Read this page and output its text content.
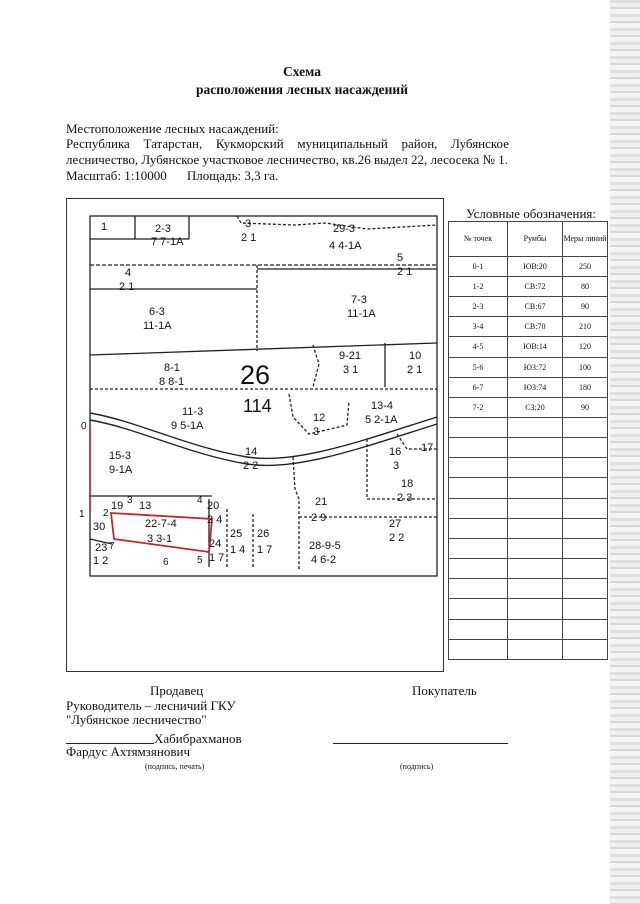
Схема
расположения лесных насаждений
Местоположение лесных насаждений:
Республика Татарстан, Кукморский муниципальный район, Лубянское лесничество, Лубянское участковое лесничество, кв.26 выдел 22, лесосека № 1.
Масштаб: 1:10000 Площадь: 3,3 га.
1	2-3
7 7-1А
3
2 1
29-3
4 4-1А
5
2 1
4
2 1
6-3
11-1А
7-3
11-1А
8-1
8 8-1
9-21
3 1
10
2 1
11-3
9 5-1А
12
3
13-4
5 2-1А
15-3
9-1А
14
2 2
16
3
17
18
2 3
19 13	20
2 4
21
2 9
22-7-4
3 3-1
23
1 2
24
1 7
25
1 4
26
1 7
27
2 2
28-9-5
4 6-2
30
26
114
0
1 2
3	4
5
6
7
Условные обозначения:
№ точек	Румбы	Меры линий
0-1	ЮВ:20	250
1-2	СВ:72	80
2-3	СВ:67	90
3-4	СВ:70	210
4-5	ЮВ:14	120
5-6	ЮЗ:72	100
6-7	ЮЗ:74	180
7-2	СЗ:20	90

Продавец	Покупатель
Руководитель – лесничий ГКУ
"Лубянское лесничество"
Хабибрахманов
Фардус Ахтямзянович
(подпись, печать)	(подпись)
